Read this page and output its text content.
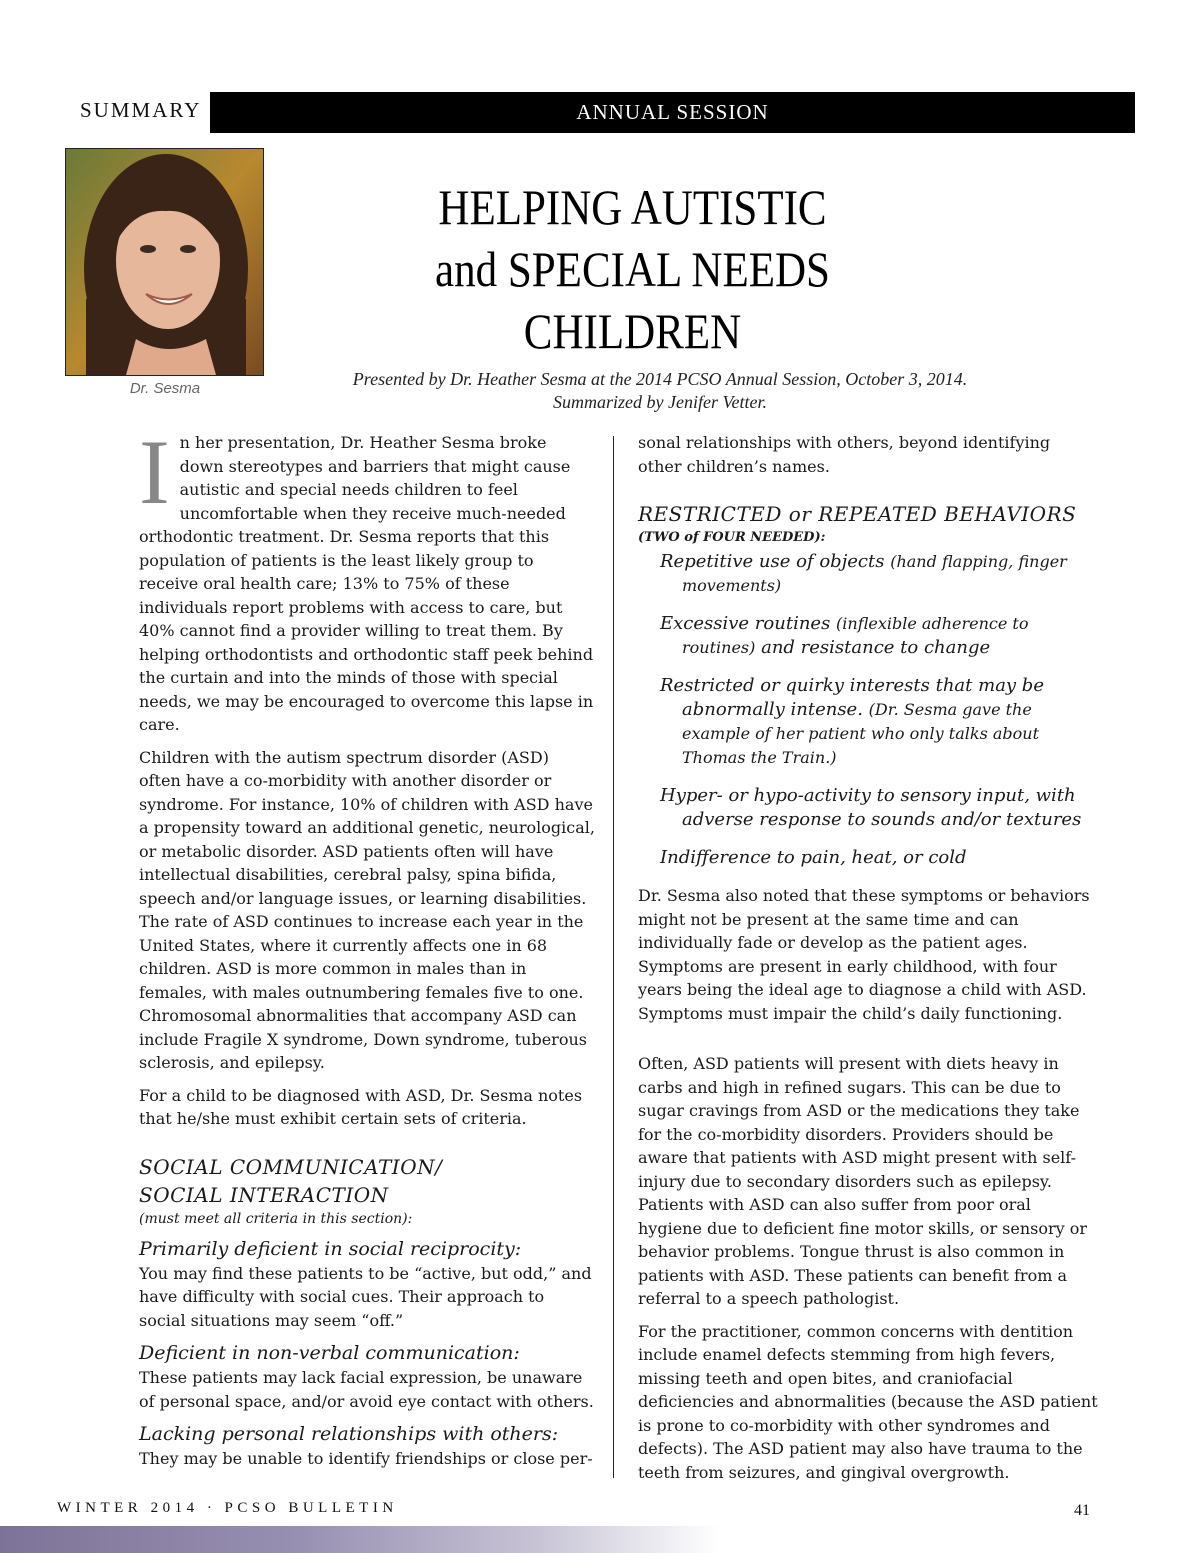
SUMMARY	ANNUAL SESSION
Dr. Sesma
HELPING AUTISTIC
and SPECIAL NEEDS CHILDREN
Presented by Dr. Heather Sesma at the 2014 PCSO Annual Session, October 3, 2014.
Summarized by Jenifer Vetter.

In her presentation, Dr. Heather Sesma broke down stereotypes and barriers that might cause autistic and special needs children to feel uncomfortable when they receive much-needed orthodontic treatment. Dr. Sesma reports that this population of patients is the least likely group to receive oral health care; 13% to 75% of these individuals report problems with access to care, but 40% cannot find a provider willing to treat them. By helping orthodontists and orthodontic staff peek behind the curtain and into the minds of those with special needs, we may be encouraged to overcome this lapse in care.

Children with the autism spectrum disorder (ASD) often have a co-morbidity with another disorder or syndrome. For instance, 10% of children with ASD have a propensity toward an additional genetic, neurological, or metabolic disorder. ASD patients often will have intellectual disabilities, cerebral palsy, spina bifida, speech and/or language issues, or learning disabilities. The rate of ASD continues to increase each year in the United States, where it currently affects one in 68 children. ASD is more common in males than in females, with males outnumbering females five to one. Chromosomal abnormalities that accompany ASD can include Fragile X syndrome, Down syndrome, tuberous sclerosis, and epilepsy.

For a child to be diagnosed with ASD, Dr. Sesma notes that he/she must exhibit certain sets of criteria.

SOCIAL COMMUNICATION/
SOCIAL INTERACTION
(must meet all criteria in this section):
Primarily deficient in social reciprocity:

You may find these patients to be “active, but odd,” and have difficulty with social cues. Their approach to social situations may seem “off.”

Deficient in non-verbal communication:

These patients may lack facial expression, be unaware of personal space, and/or avoid eye contact with others.

Lacking personal relationships with others:

They may be unable to identify friendships or close per-

sonal relationships with others, beyond identifying other children’s names.

RESTRICTED or REPEATED BEHAVIORS
(TWO of FOUR NEEDED):
Repetitive use of objects (hand flapping, finger movements)
Excessive routines (inflexible adherence to routines) and resistance to change
Restricted or quirky interests that may be abnormally intense. (Dr. Sesma gave the example of her patient who only talks about Thomas the Train.)
Hyper- or hypo-activity to sensory input, with adverse response to sounds and/or textures
Indifference to pain, heat, or cold

Dr. Sesma also noted that these symptoms or behaviors might not be present at the same time and can individually fade or develop as the patient ages. Symptoms are present in early childhood, with four years being the ideal age to diagnose a child with ASD. Symptoms must impair the child’s daily functioning.

Often, ASD patients will present with diets heavy in carbs and high in refined sugars. This can be due to sugar cravings from ASD or the medications they take for the co-morbidity disorders. Providers should be aware that patients with ASD might present with self-injury due to secondary disorders such as epilepsy. Patients with ASD can also suffer from poor oral hygiene due to deficient fine motor skills, or sensory or behavior problems. Tongue thrust is also common in patients with ASD. These patients can benefit from a referral to a speech pathologist.

For the practitioner, common concerns with dentition include enamel defects stemming from high fevers, missing teeth and open bites, and craniofacial deficiencies and abnormalities (because the ASD patient is prone to co-morbidity with other syndromes and defects). The ASD patient may also have trauma to the teeth from seizures, and gingival overgrowth.

WINTER 2014 · PCSO BULLETIN	41
